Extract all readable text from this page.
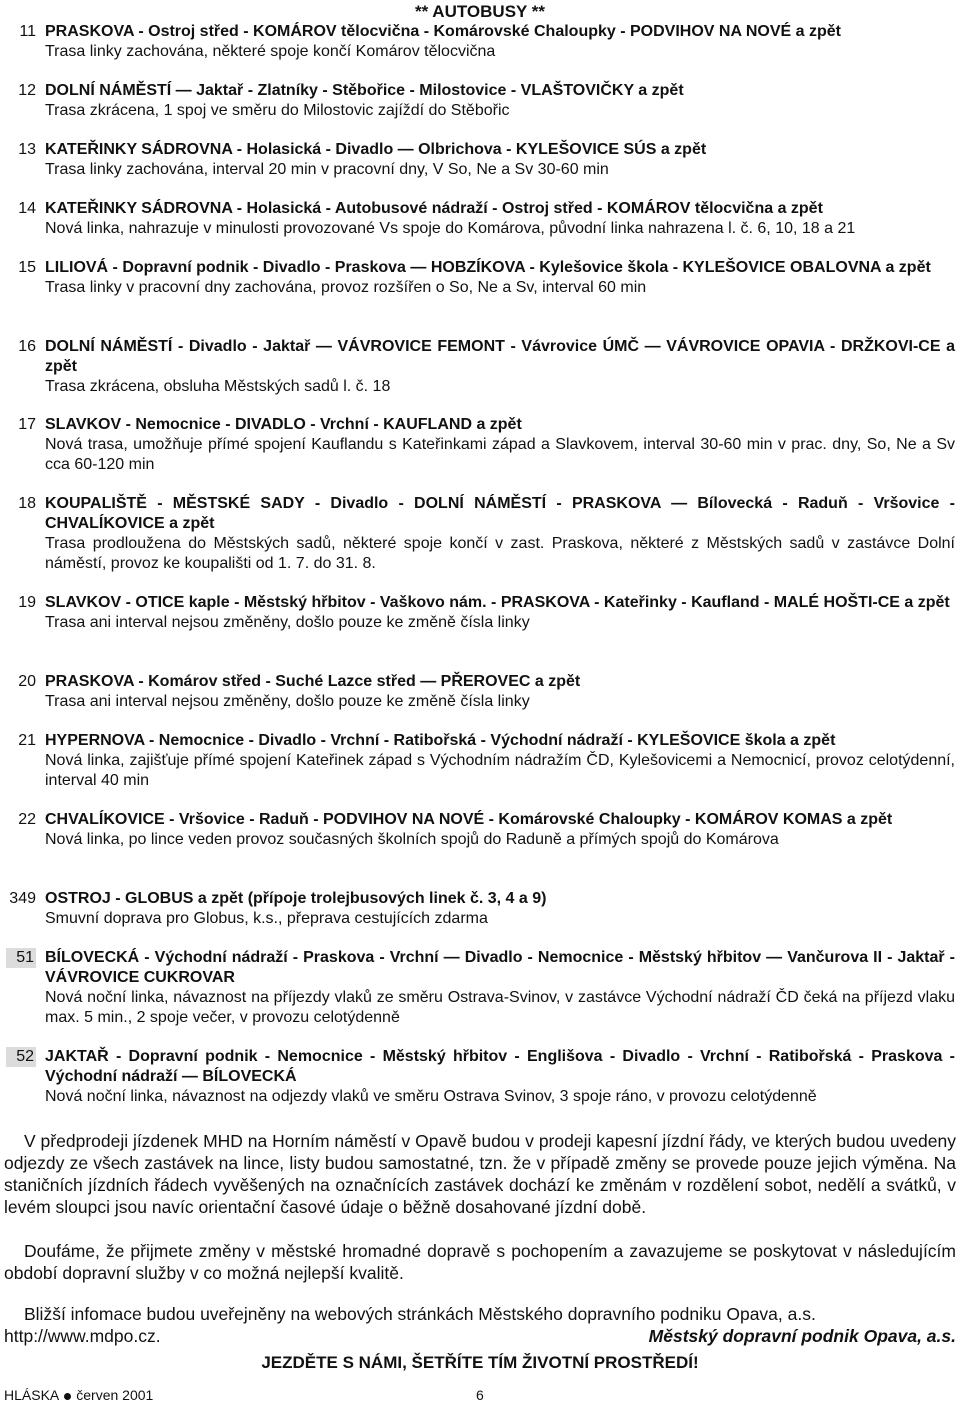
** AUTOBUSY **
11 PRASKOVA - Ostroj střed - KOMÁROV tělocvična - Komárovské Chaloupky - PODVIHOV NA NOVÉ a zpět
Trasa linky zachována, některé spoje končí Komárov tělocvična
12 DOLNÍ NÁMĚSTÍ — Jaktař - Zlatníky - Stěbořice - Milostovice - VLAŠTOVIČKY a zpět
Trasa zkrácena, 1 spoj ve směru do Milostovic zajíždí do Stěbořic
13 KATEŘINKY SÁDROVNA - Holasická - Divadlo — Olbrichova - KYLEŠOVICE SÚS a zpět
Trasa linky zachována, interval 20 min v pracovní dny, V So, Ne a Sv 30-60 min
14 KATEŘINKY SÁDROVNA - Holasická - Autobusové nádraží - Ostroj střed - KOMÁROV tělocvična a zpět
Nová linka, nahrazuje v minulosti provozované Vs spoje do Komárova, původní linka nahrazena l. č. 6, 10, 18 a 21
15 LILIOVÁ - Dopravní podnik - Divadlo - Praskova — HOBZÍKOVA - Kylešovice škola - KYLEŠOVICE OBALOVNA a zpět
Trasa linky v pracovní dny zachována, provoz rozšířen o So, Ne a Sv, interval 60 min
16 DOLNÍ NÁMĚSTÍ - Divadlo - Jaktař — VÁVROVICE FEMONT - Vávrovice ÚMČ — VÁVROVICE OPAVIA - DRŽKOVI-CE a zpět
Trasa zkrácena, obsluha Městských sadů l. č. 18
17 SLAVKOV - Nemocnice - DIVADLO - Vrchní - KAUFLAND a zpět
Nová trasa, umožňuje přímé spojení Kauflandu s Kateřinkami západ a Slavkovem, interval 30-60 min v prac. dny, So, Ne a Sv cca 60-120 min
18 KOUPALIŠTĚ - MĚSTSKÉ SADY - Divadlo - DOLNÍ NÁMĚSTÍ - PRASKOVA — Bílovecká - Raduň - Vršovice - CHVALÍKOVICE a zpět
Trasa prodloužena do Městských sadů, některé spoje končí v zast. Praskova, některé z Městských sadů v zastávce Dolní náměstí, provoz ke koupališti od 1. 7. do 31. 8.
19 SLAVKOV - OTICE kaple - Městský hřbitov - Vaškovo nám. - PRASKOVA - Kateřinky - Kaufland - MALÉ HOŠTI-CE a zpět
Trasa ani interval nejsou změněny, došlo pouze ke změně čísla linky
20 PRASKOVA - Komárov střed - Suché Lazce střed — PŘEROVEC a zpět
Trasa ani interval nejsou změněny, došlo pouze ke změně čísla linky
21 HYPERNOVA - Nemocnice - Divadlo - Vrchní - Ratibořská - Východní nádraží - KYLEŠOVICE škola a zpět
Nová linka, zajišťuje přímé spojení Kateřinek západ s Východním nádražím ČD, Kylešovicemi a Nemocnicí, provoz celotýdenní, interval 40 min
22 CHVALÍKOVICE - Vršovice - Raduň - PODVIHOV NA NOVÉ - Komárovské Chaloupky - KOMÁROV KOMAS a zpět
Nová linka, po lince veden provoz současných školních spojů do Raduně a přímých spojů do Komárova
349 OSTROJ - GLOBUS a zpět (přípoje trolejbusových linek č. 3, 4 a 9)
Smuvní doprava pro Globus, k.s., přeprava cestujících zdarma
51 BÍLOVECKÁ - Východní nádraží - Praskova - Vrchní — Divadlo - Nemocnice - Městský hřbitov — Vančurova II - Jaktař - VÁVROVICE CUKROVAR
Nová noční linka, návaznost na příjezdy vlaků ze směru Ostrava-Svinov, v zastávce Východní nádraží ČD čeká na příjezd vlaku max. 5 min., 2 spoje večer, v provozu celotýdenně
52 JAKTAŘ - Dopravní podnik - Nemocnice - Městský hřbitov - Englišova - Divadlo - Vrchní - Ratibořská - Praskova - Východní nádraží — BÍLOVECKÁ
Nová noční linka, návaznost na odjezdy vlaků ve směru Ostrava Svinov, 3 spoje ráno, v provozu celotýdenně
V předprodeji jízdenek MHD na Horním náměstí v Opavě budou v prodeji kapesní jízdní řády, ve kterých budou uvedeny odjezdy ze všech zastávek na lince, listy budou samostatné, tzn. že v případě změny se provede pouze jejich výměna. Na staničních jízdních řádech vyvěšených na označnících zastávek dochází ke změnám v rozdělení sobot, nedělí a svátků, v levém sloupci jsou navíc orientační časové údaje o běžně dosahované jízdní době.
Doufáme, že přijmete změny v městské hromadné dopravě s pochopením a zavazujeme se poskytovat v následujícím období dopravní služby v co možná nejlepší kvalitě.
Bližší infomace budou uveřejněny na webových stránkách Městského dopravního podniku Opava, a.s.
http://www.mdpo.cz.	Městský dopravní podnik Opava, a.s.
JEZDĚTE S NÁMI, ŠETŘÍTE TÍM ŽIVOTNÍ PROSTŘEDÍ!
HLÁSKA červen 2001	6
